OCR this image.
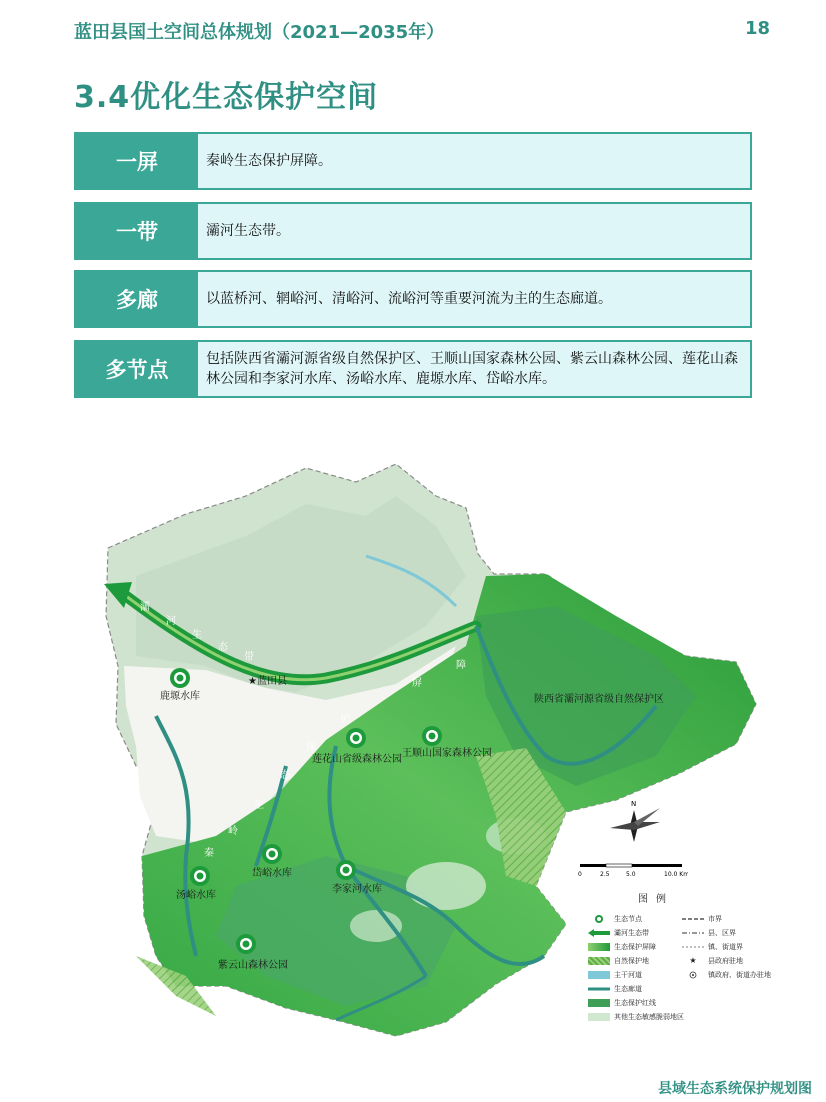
蓝田县国土空间总体规划（2021—2035年）	18
3.4优化生态保护空间
一屏	秦岭生态保护屏障。
一带	灞河生态带。
多廊	以蓝桥河、辋峪河、清峪河、流峪河等重要河流为主的生态廊道。
多节点	包括陕西省灞河源省级自然保护区、王顺山国家森林公园、紫云山森林公园、莲花山森林公园和李家河水库、汤峪水库、鹿塬水库、岱峪水库。
★蓝田县
鹿塬水库
莲花山省级森林公园
王顺山国家森林公园
陕西省灞河源省级自然保护区
汤峪水库
岱峪水库
李家河水库
紫云山森林公园
秦
岭
生
态
保
护
屏
障
灞
河
生
态
带
N
0	2.5	5.0	10.0 Km
图例
生态节点
灞河生态带
生态保护屏障
自然保护地
主干河道
生态廊道
生态保护红线
其他生态敏感脆弱地区
市界
县、区界
镇、街道界
★	县政府驻地
镇政府、街道办驻地
县域生态系统保护规划图
